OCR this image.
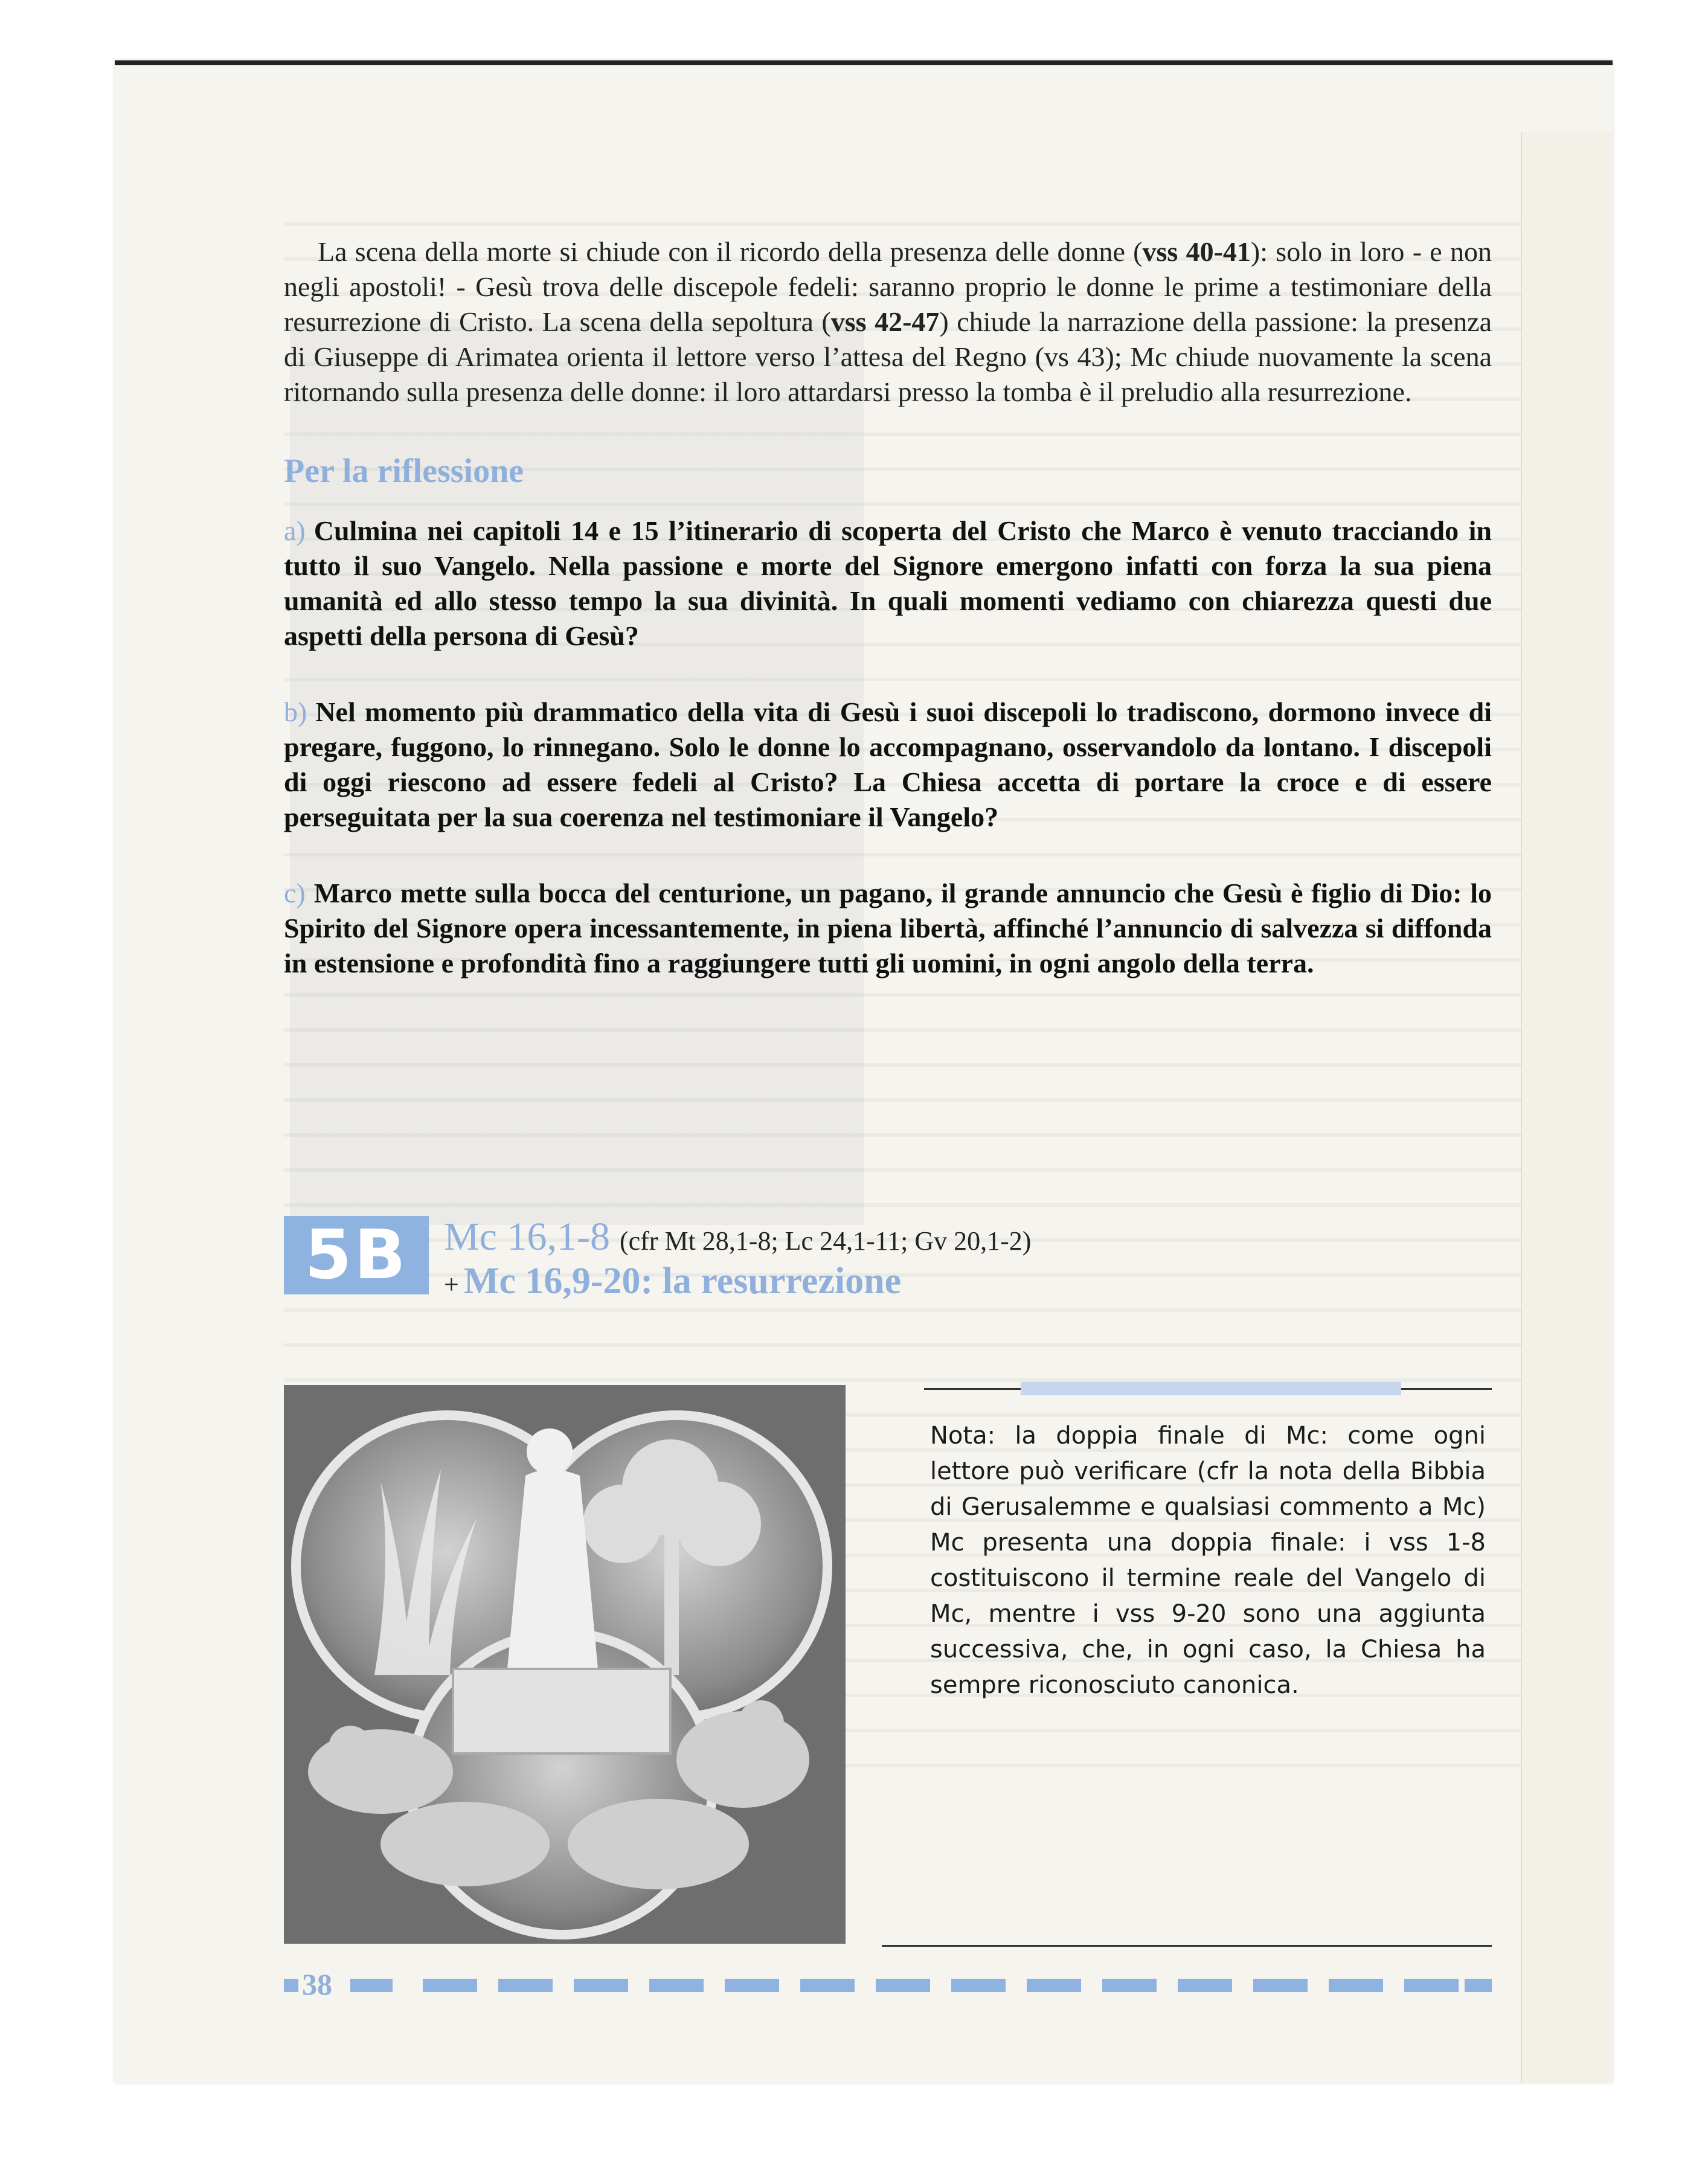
La scena della morte si chiude con il ricordo della presenza delle donne (vss 40-41): solo in loro - e non negli apostoli! - Gesù trova delle discepole fedeli: saranno proprio le donne le prime a testimoniare della resurrezione di Cristo. La scena della sepoltura (vss 42-47) chiude la narrazione della passione: la presenza di Giuseppe di Arimatea orienta il lettore verso l’attesa del Regno (vs 43); Mc chiude nuovamente la scena ritornando sulla presenza delle donne: il loro attardarsi presso la tomba è il preludio alla resurrezione.

Per la riflessione
a) Culmina nei capitoli 14 e 15 l’itinerario di scoperta del Cristo che Marco è venuto tracciando in tutto il suo Vangelo. Nella passione e morte del Signore emergono infatti con forza la sua piena umanità ed allo stesso tempo la sua divinità. In quali momenti vediamo con chiarezza questi due aspetti della persona di Gesù?
b) Nel momento più drammatico della vita di Gesù i suoi discepoli lo tradiscono, dormono invece di pregare, fuggono, lo rinnegano. Solo le donne lo accompagnano, osservandolo da lontano. I discepoli di oggi riescono ad essere fedeli al Cristo? La Chiesa accetta di portare la croce e di essere perseguitata per la sua coerenza nel testimoniare il Vangelo?
c) Marco mette sulla bocca del centurione, un pagano, il grande annuncio che Gesù è figlio di Dio: lo Spirito del Signore opera incessantemente, in piena libertà, affinché l’annuncio di salvezza si diffonda in estensione e profondità fino a raggiungere tutti gli uomini, in ogni angolo della terra.
5B Mc 16,1-8 (cfr Mt 28,1-8; Lc 24,1-11; Gv 20,1-2)
+ Mc 16,9-20: la resurrezione

Nota: la doppia finale di Mc: come ogni lettore può verificare (cfr la nota della Bibbia di Gerusalemme e qualsiasi commento a Mc) Mc presenta una doppia finale: i vss 1-8 costituiscono il termine reale del Vangelo di Mc, mentre i vss 9-20 sono una aggiunta successiva, che, in ogni caso, la Chiesa ha sempre riconosciuto canonica.

38
